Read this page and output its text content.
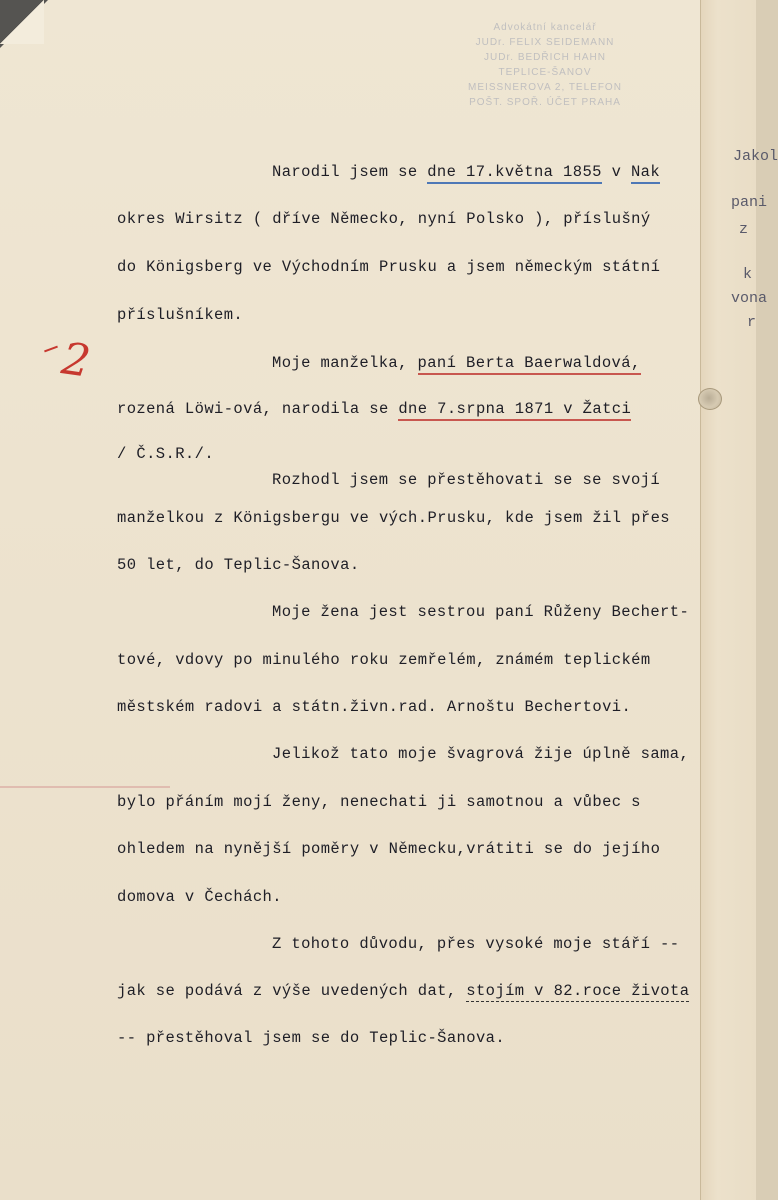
Jakol
pani
z
k
vona
r
Advokátní kancelář
JUDr. FELIX SEIDEMANN
JUDr. BEDŘICH HAHN
TEPLICE-ŠANOV
MEISSNEROVA 2, TELEFON
POŠT. SPOŘ. ÚČET PRAHA
2
Narodil jsem se dne 17.května 1855 v Nak
okres Wirsitz ( dříve Německo, nyní Polsko ), příslušný
do Königsberg ve Východním Prusku a jsem německým státní
příslušníkem.
Moje manželka, paní Berta Baerwaldová,
rozená Löwi-ová, narodila se dne 7.srpna 1871 v Žatci
/ Č.S.R./.
Rozhodl jsem se přestěhovati se se svojí
manželkou z Königsbergu ve vých.Prusku, kde jsem žil přes
50 let, do Teplic-Šanova.
Moje žena jest sestrou paní Růženy Bechert-
tové, vdovy po minulého roku zemřelém, známém teplickém
městském radovi a státn.živn.rad. Arnoštu Bechertovi.
Jelikož tato moje švagrová žije úplně sama,
bylo přáním mojí ženy, nenechati ji samotnou a vůbec s
ohledem na nynější poměry v Německu,vrátiti se do jejího
domova v Čechách.
Z tohoto důvodu, přes vysoké moje stáří --
jak se podává z výše uvedených dat, stojím v 82.roce života
-- přestěhoval jsem se do Teplic-Šanova.
